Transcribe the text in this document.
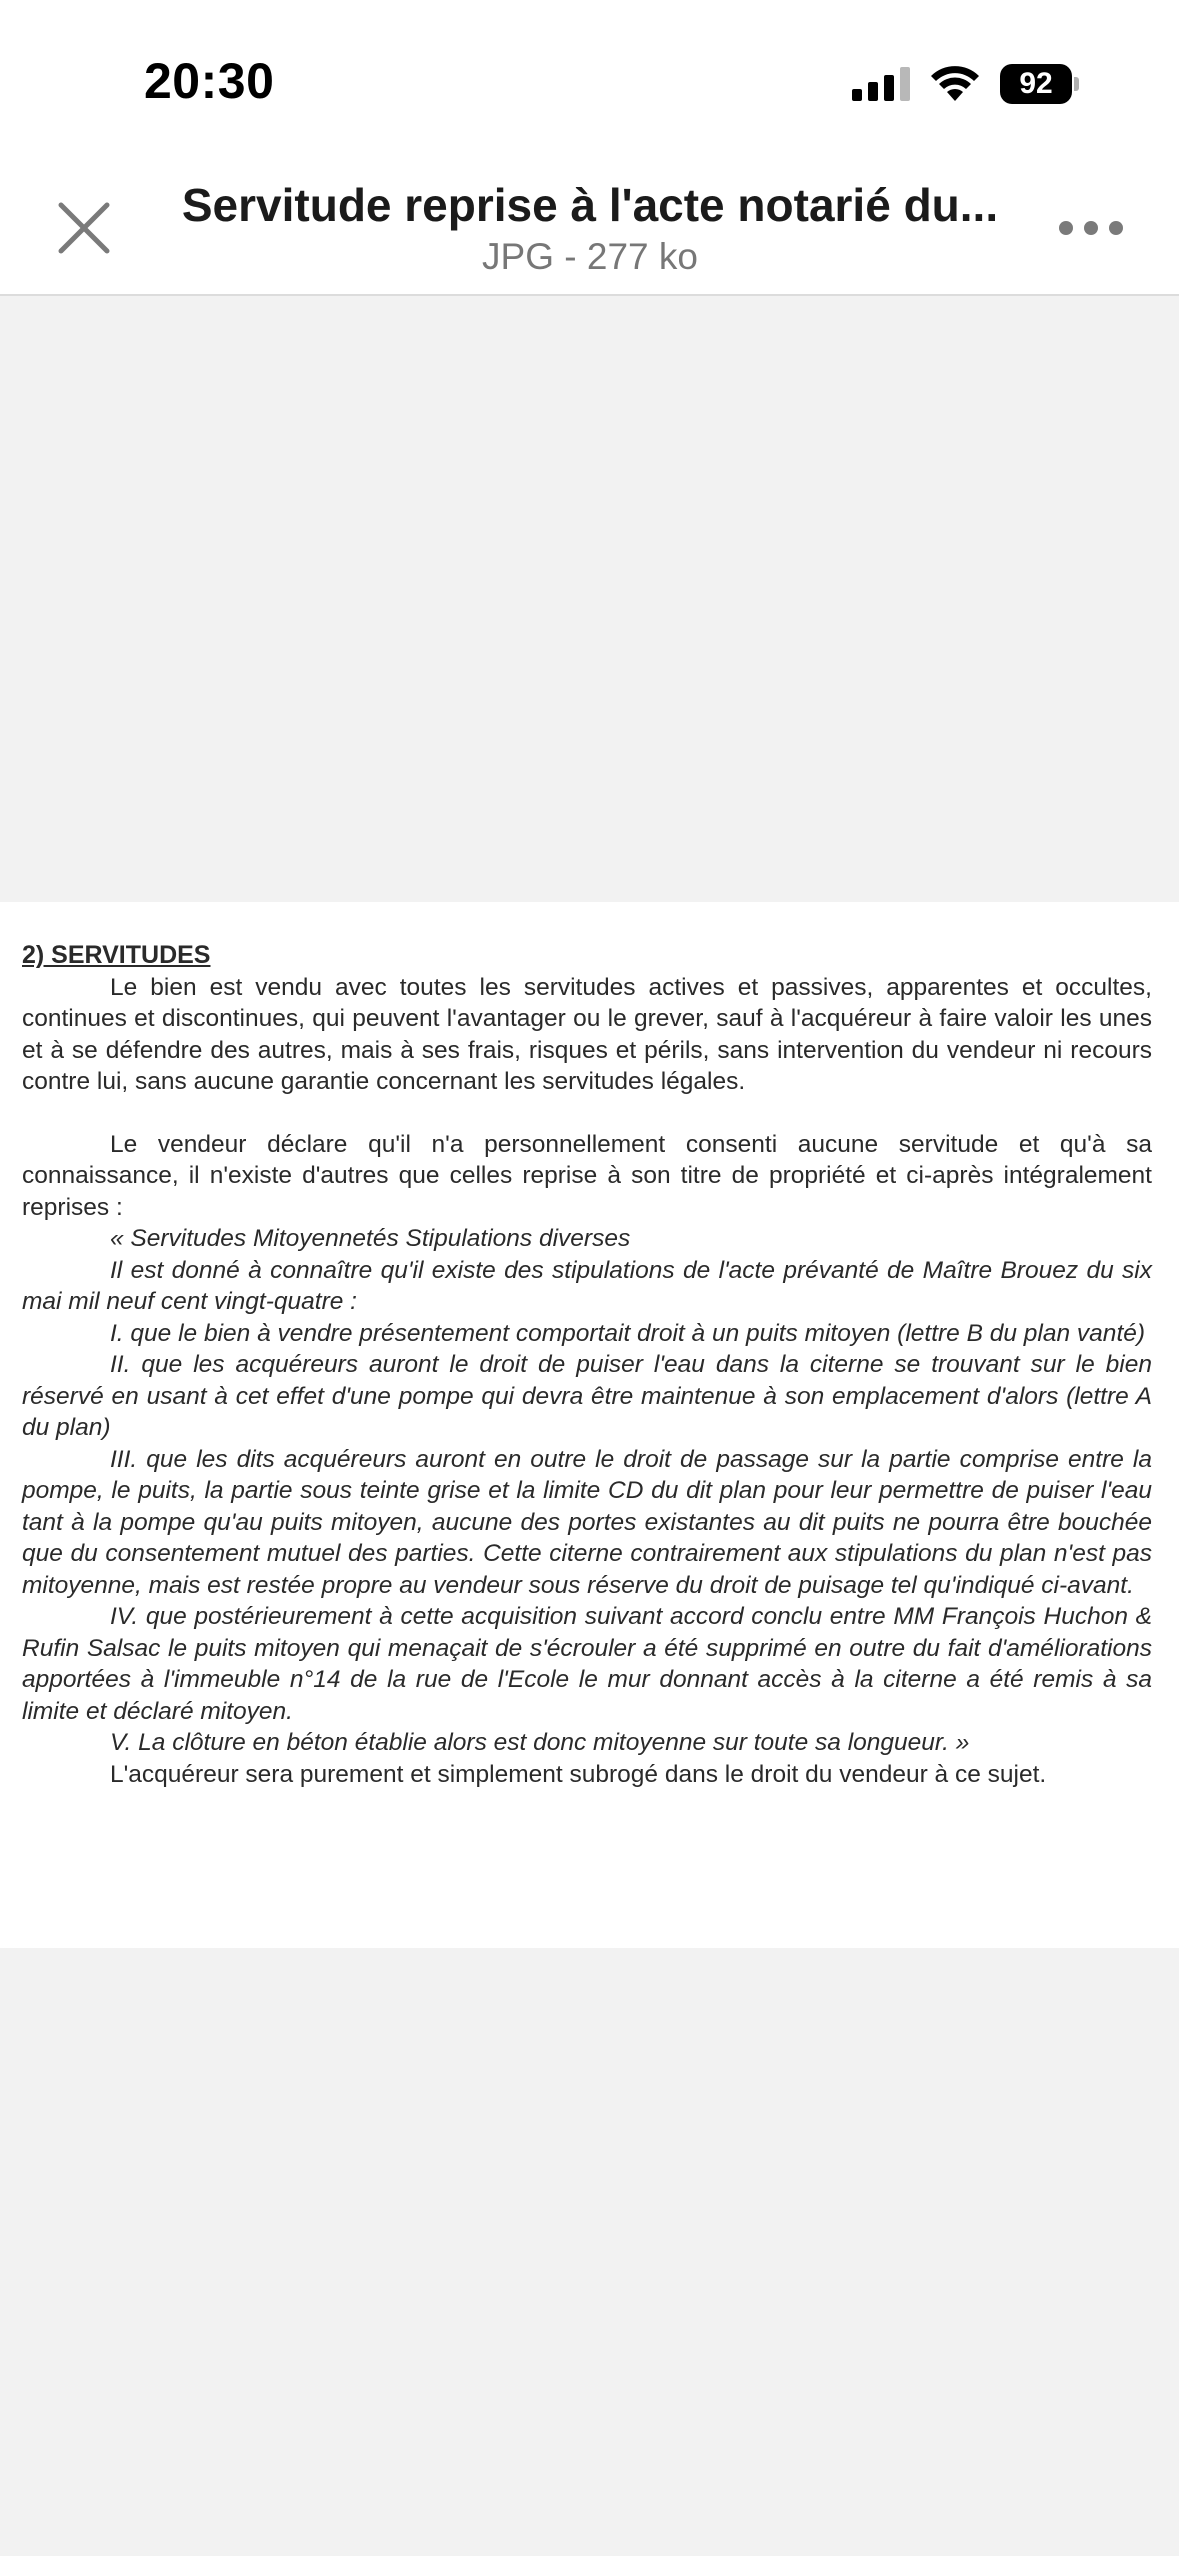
20:30	92
Servitude reprise à l'acte notarié du...
JPG - 277 ko

2) SERVITUDES

Le bien est vendu avec toutes les servitudes actives et passives, apparentes et occultes, continues et discontinues, qui peuvent l'avantager ou le grever, sauf à l'acquéreur à faire valoir les unes et à se défendre des autres, mais à ses frais, risques et périls, sans intervention du vendeur ni recours contre lui, sans aucune garantie concernant les servitudes légales.

Le vendeur déclare qu'il n'a personnellement consenti aucune servitude et qu'à sa connaissance, il n'existe d'autres que celles reprise à son titre de propriété et ci-après intégralement reprises :

« Servitudes Mitoyennetés Stipulations diverses

Il est donné à connaître qu'il existe des stipulations de l'acte prévanté de Maître Brouez du six mai mil neuf cent vingt-quatre :

I. que le bien à vendre présentement comportait droit à un puits mitoyen (lettre B du plan vanté)

II. que les acquéreurs auront le droit de puiser l'eau dans la citerne se trouvant sur le bien réservé en usant à cet effet d'une pompe qui devra être maintenue à son emplacement d'alors (lettre A du plan)

III. que les dits acquéreurs auront en outre le droit de passage sur la partie comprise entre la pompe, le puits, la partie sous teinte grise et la limite CD du dit plan pour leur permettre de puiser l'eau tant à la pompe qu'au puits mitoyen, aucune des portes existantes au dit puits ne pourra être bouchée que du consentement mutuel des parties. Cette citerne contrairement aux stipulations du plan n'est pas mitoyenne, mais est restée propre au vendeur sous réserve du droit de puisage tel qu'indiqué ci-avant.

IV. que postérieurement à cette acquisition suivant accord conclu entre MM François Huchon & Rufin Salsac le puits mitoyen qui menaçait de s'écrouler a été supprimé en outre du fait d'améliorations apportées à l'immeuble n°14 de la rue de l'Ecole le mur donnant accès à la citerne a été remis à sa limite et déclaré mitoyen.

V. La clôture en béton établie alors est donc mitoyenne sur toute sa longueur. »

L'acquéreur sera purement et simplement subrogé dans le droit du vendeur à ce sujet.
